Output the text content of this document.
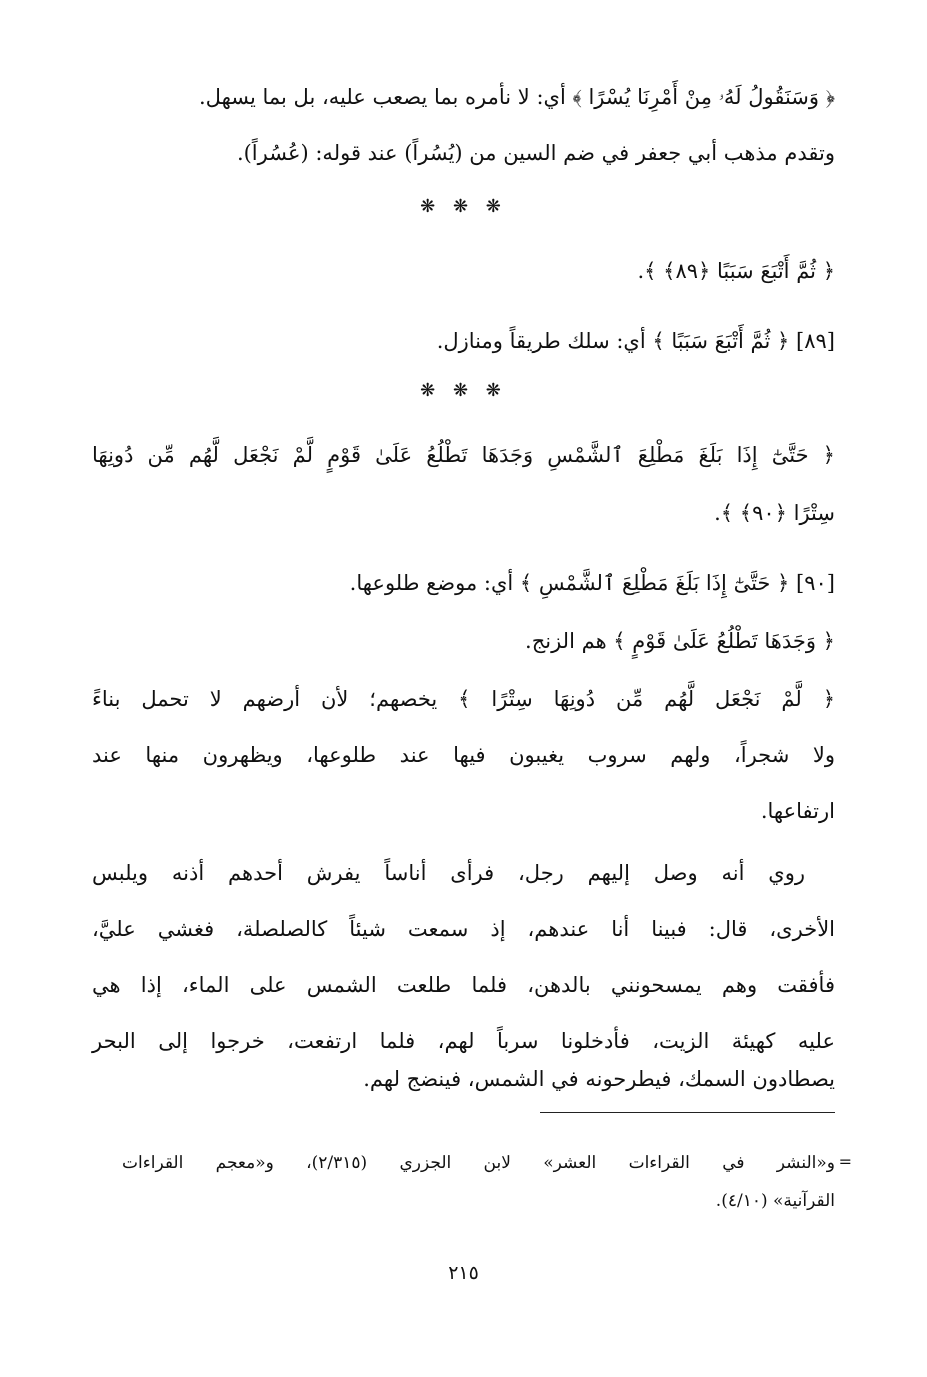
﴿ وَسَنَقُولُ لَهُۥ مِنْ أَمْرِنَا يُسْرًا ﴾ أي: لا نأمره بما يصعب عليه، بل بما يسهل.
وتقدم مذهب أبي جعفر في ضم السين من (يُسُراً) عند قوله: (عُسُراً).
❋ ❋ ❋
﴿ ثُمَّ أَتْبَعَ سَبَبًا ﴿٨٩﴾ ﴾.
[٨٩] ﴿ ثُمَّ أَتْبَعَ سَبَبًا ﴾ أي: سلك طريقاً ومنازل.
❋ ❋ ❋
﴿ حَتَّىٰٓ إِذَا بَلَغَ مَطْلِعَ ٱلشَّمْسِ وَجَدَهَا تَطْلُعُ عَلَىٰ قَوْمٍ لَّمْ نَجْعَل لَّهُم مِّن دُونِهَا
سِتْرًا ﴿٩٠﴾ ﴾.
[٩٠] ﴿ حَتَّىٰٓ إِذَا بَلَغَ مَطْلِعَ ٱلشَّمْسِ ﴾ أي: موضع طلوعها.
﴿ وَجَدَهَا تَطْلُعُ عَلَىٰ قَوْمٍ ﴾ هم الزنج.
﴿ لَّمْ نَجْعَل لَّهُم مِّن دُونِهَا سِتْرًا ﴾ يخصهم؛ لأن أرضهم لا تحمل بناءً
ولا شجراً، ولهم سروب يغيبون فيها عند طلوعها، ويظهرون منها عند
ارتفاعها.
روي أنه وصل إليهم رجل، فرأى أناساً يفرش أحدهم أذنه ويلبس
الأخرى، قال: فبينا أنا عندهم، إذ سمعت شيئاً كالصلصلة، فغشي عليَّ،
فأفقت وهم يمسحونني بالدهن، فلما طلعت الشمس على الماء، إذا هي
عليه كهيئة الزيت، فأدخلونا سرباً لهم، فلما ارتفعت، خرجوا إلى البحر
يصطادون السمك، فيطرحونه في الشمس، فينضج لهم.
=
و«النشر في القراءات العشر» لابن الجزري (٢/٣١٥)، و«معجم القراءات
القرآنية» (٤/١٠).
٢١٥
